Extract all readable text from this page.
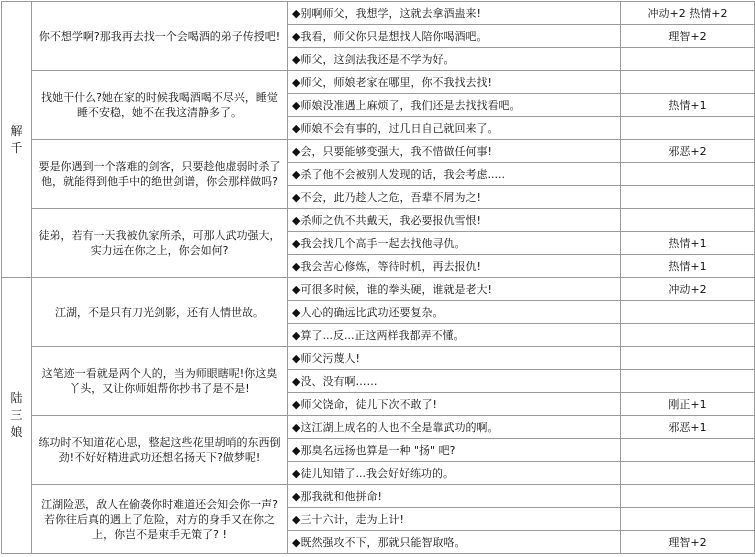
解
千	你不想学啊?那我再去找一个会喝酒的弟子传授吧!	◆别啊师父，我想学，这就去拿酒蛊来!	冲动+2 热情+2
		◆我看，师父你只是想找人陪你喝酒吧。	理智+2
		◆师父，这剑法我还是不学为好。	
	找她干什么?她在家的时候我喝酒喝不尽兴，睡觉睡不安稳，她不在我这清静多了。	◆师父，师娘老家在哪里，你不我找去找!	
		◆师娘没准遇上麻烦了，我们还是去找找看吧。	热情+1
		◆师娘不会有事的，过几日自己就回来了。	
	要是你遇到一个落难的剑客，只要趁他虚弱时杀了他，就能得到他手中的绝世剑谱，你会那样做吗?	◆会，只要能够变强大，我不惜做任何事!	邪恶+2
		◆杀了他不会被别人发现的话，我会考虑.....	
		◆不会，此乃趁人之危，吾辈不屑为之!	
	徒弟，若有一天我被仇家所杀，可那人武功强大，实力远在你之上，你会如何?	◆杀师之仇不共戴天，我必要报仇雪恨!	
		◆我会找几个高手一起去找他寻仇。	热情+1
		◆我会苦心修炼，等待时机，再去报仇!	热情+1
陆
三
娘	江湖，不是只有刀光剑影，还有人情世故。	◆可很多时候，谁的拳头硬，谁就是老大!	冲动+2
		◆人心的确远比武功还要复杂。	
		◆算了...反...正这两样我都弄不懂。	
	这笔迹一看就是两个人的，当为师眼瞎呢!你这臭丫头，又让你师姐帮你抄书了是不是!	◆师父污蔑人!	
		◆没、没有啊……	
		◆师父饶命，徒儿下次不敢了!	刚正+1
	练功时不知道花心思，整起这些花里胡哨的东西倒劲!不好好精进武功还想名扬天下?做梦呢!	◆这江湖上成名的人也不全是靠武功的啊。	邪恶+1
		◆那臭名远扬也算是一种 "扬" 吧?	
		◆徒儿知错了...我会好好练功的。	
	江湖险恶，敌人在偷袭你时难道还会知会你一声?若你往后真的遇上了危险，对方的身手又在你之上，你岂不是束手无策了? !	◆那我就和他拼命!	
		◆三十六计，走为上计!	
		◆既然强攻不下，那就只能智取咯。	理智+2
